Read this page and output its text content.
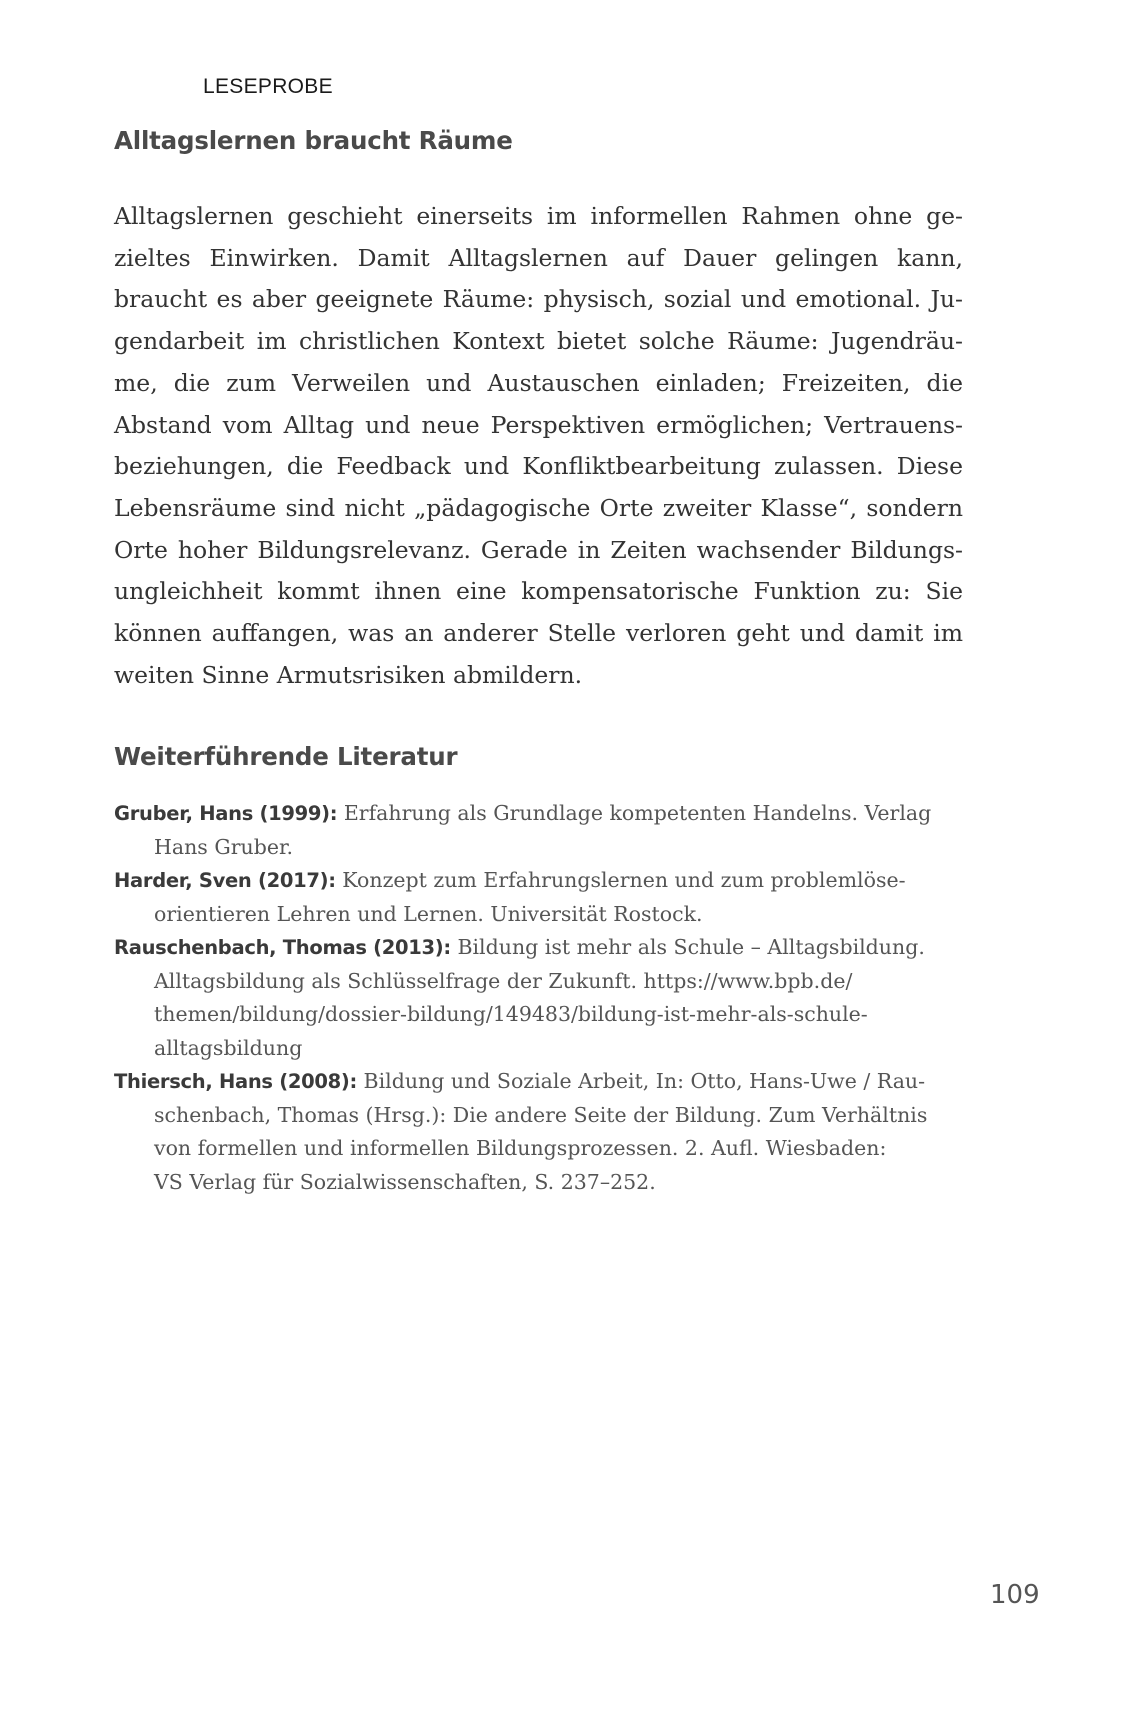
LESEPROBE
Alltagslernen braucht Räume
Alltagslernen geschieht einerseits im informellen Rahmen ohne ge-
zieltes Einwirken. Damit Alltagslernen auf Dauer gelingen kann,
braucht es aber geeignete Räume: physisch, sozial und emotional. Ju-
gendarbeit im christlichen Kontext bietet solche Räume: Jugendräu-
me, die zum Verweilen und Austauschen einladen; Freizeiten, die
Abstand vom Alltag und neue Perspektiven ermöglichen; Vertrauens-
beziehungen, die Feedback und Konfliktbearbeitung zulassen. Diese
Lebensräume sind nicht „pädagogische Orte zweiter Klasse“, sondern
Orte hoher Bildungsrelevanz. Gerade in Zeiten wachsender Bildungs-
ungleichheit kommt ihnen eine kompensatorische Funktion zu: Sie
können auffangen, was an anderer Stelle verloren geht und damit im
weiten Sinne Armutsrisiken abmildern.
Weiterführende Literatur
Gruber, Hans (1999): Erfahrung als Grundlage kompetenten Handelns. Verlag
Hans Gruber.
Harder, Sven (2017): Konzept zum Erfahrungslernen und zum problemlöse-
orientieren Lehren und Lernen. Universität Rostock.
Rauschenbach, Thomas (2013): Bildung ist mehr als Schule – Alltagsbildung.
Alltagsbildung als Schlüsselfrage der Zukunft. https://www.bpb.de/
themen/bildung/dossier-bildung/149483/bildung-ist-mehr-als-schule-
alltagsbildung
Thiersch, Hans (2008): Bildung und Soziale Arbeit, In: Otto, Hans-Uwe / Rau-
schenbach, Thomas (Hrsg.): Die andere Seite der Bildung. Zum Verhältnis
von formellen und informellen Bildungsprozessen. 2. Aufl. Wiesbaden:
VS Verlag für Sozialwissenschaften, S. 237–252.
109
